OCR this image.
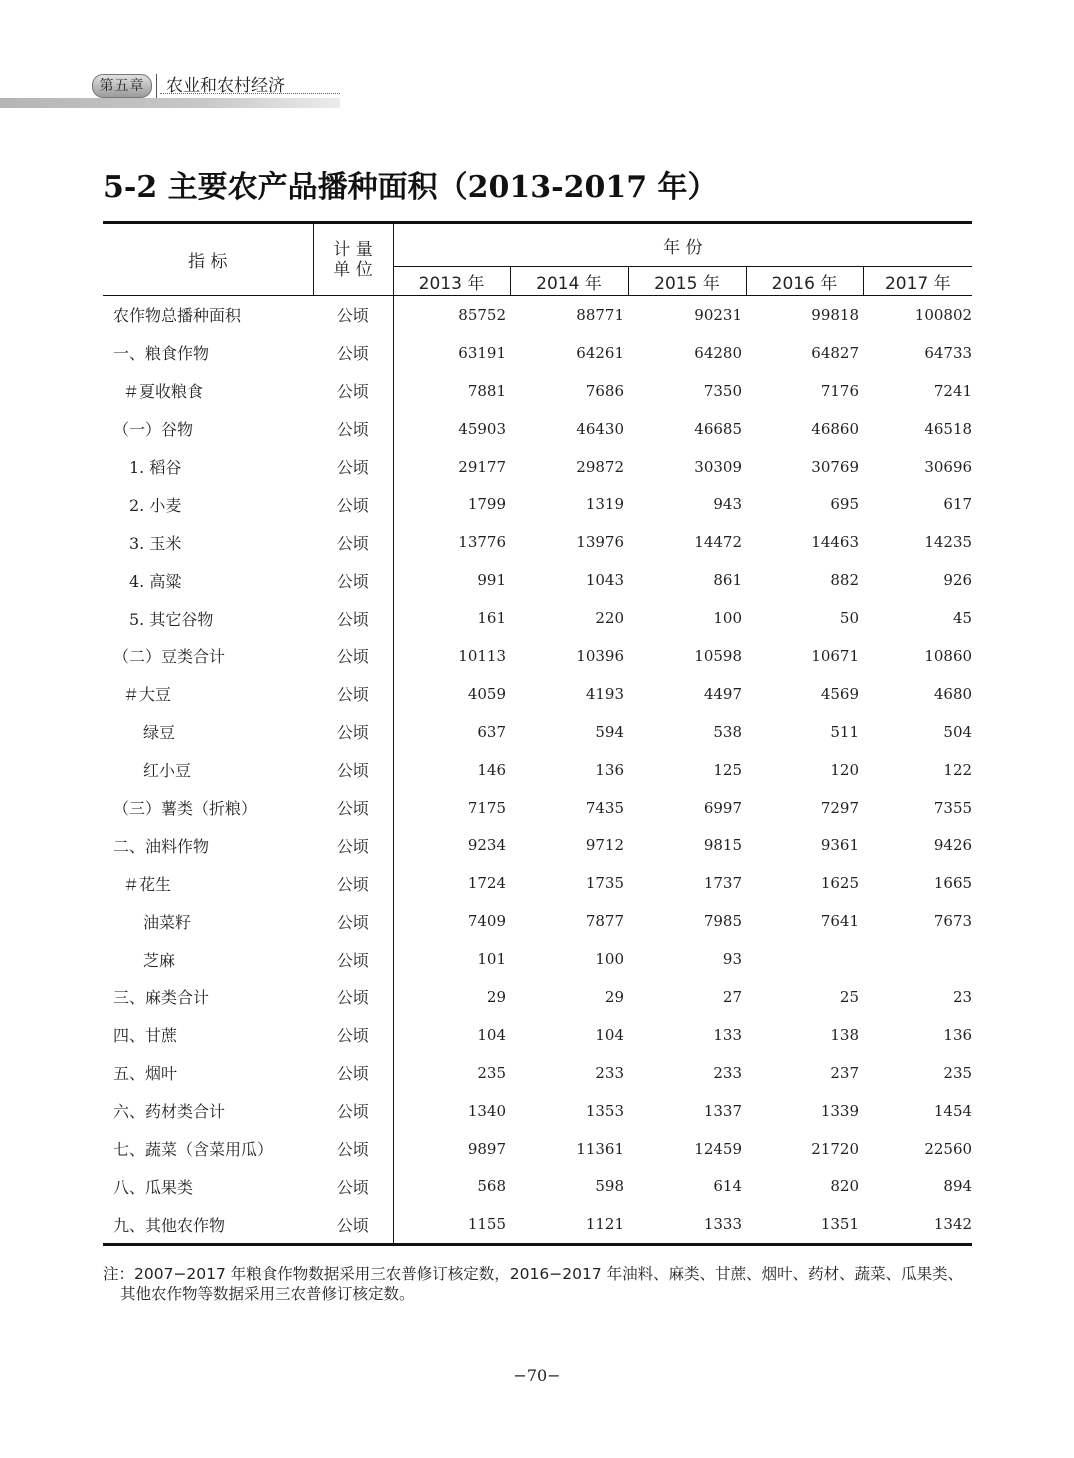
第五章	农业和农村经济
5-2 主要农产品播种面积（2013-2017 年）
指 标	计 量
单 位	年 份				
		2013 年	2014 年	2015 年	2016 年	2017 年
农作物总播种面积	公顷	85752	88771	90231	99818	100802
一、粮食作物	公顷	63191	64261	64280	64827	64733
＃夏收粮食	公顷	7881	7686	7350	7176	7241
（一）谷物	公顷	45903	46430	46685	46860	46518
1. 稻谷	公顷	29177	29872	30309	30769	30696
2. 小麦	公顷	1799	1319	943	695	617
3. 玉米	公顷	13776	13976	14472	14463	14235
4. 高粱	公顷	991	1043	861	882	926
5. 其它谷物	公顷	161	220	100	50	45
（二）豆类合计	公顷	10113	10396	10598	10671	10860
＃大豆	公顷	4059	4193	4497	4569	4680
绿豆	公顷	637	594	538	511	504
红小豆	公顷	146	136	125	120	122
（三）薯类（折粮）	公顷	7175	7435	6997	7297	7355
二、油料作物	公顷	9234	9712	9815	9361	9426
＃花生	公顷	1724	1735	1737	1625	1665
油菜籽	公顷	7409	7877	7985	7641	7673
芝麻	公顷	101	100	93		
三、麻类合计	公顷	29	29	27	25	23
四、甘蔗	公顷	104	104	133	138	136
五、烟叶	公顷	235	233	233	237	235
六、药材类合计	公顷	1340	1353	1337	1339	1454
七、蔬菜（含菜用瓜）	公顷	9897	11361	12459	21720	22560
八、瓜果类	公顷	568	598	614	820	894
九、其他农作物	公顷	1155	1121	1333	1351	1342
注：2007−2017 年粮食作物数据采用三农普修订核定数，2016−2017 年油料、麻类、甘蔗、烟叶、药材、蔬菜、瓜果类、
其他农作物等数据采用三农普修订核定数。
−70−
